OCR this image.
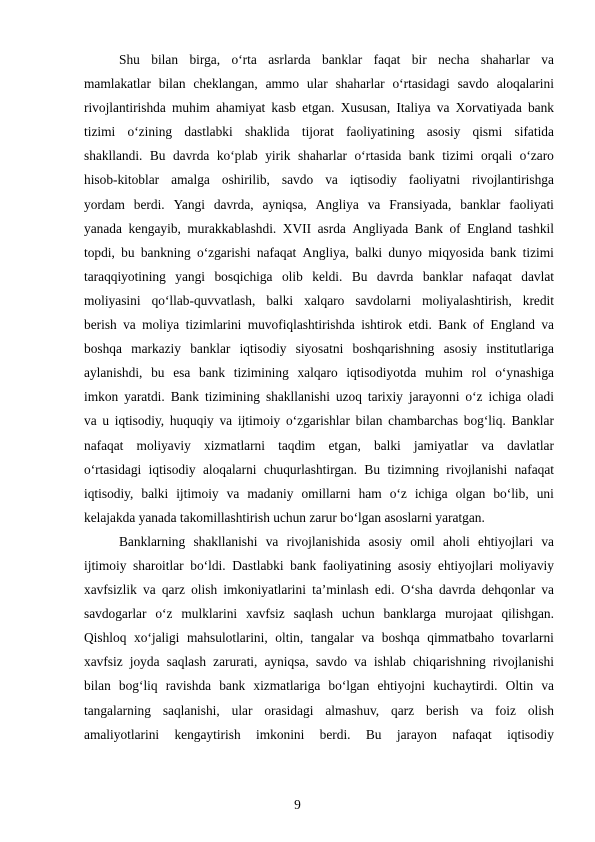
Shu bilan birga, o‘rta asrlarda banklar faqat bir necha shaharlar va
mamlakatlar bilan cheklangan, ammo ular shaharlar o‘rtasidagi savdo aloqalarini
rivojlantirishda muhim ahamiyat kasb etgan. Xususan, Italiya va Xorvatiyada bank
tizimi o‘zining dastlabki shaklida tijorat faoliyatining asosiy qismi sifatida
shakllandi. Bu davrda ko‘plab yirik shaharlar o‘rtasida bank tizimi orqali o‘zaro
hisob-kitoblar amalga oshirilib, savdo va iqtisodiy faoliyatni rivojlantirishga
yordam berdi. Yangi davrda, ayniqsa, Angliya va Fransiyada, banklar faoliyati
yanada kengayib, murakkablashdi. XVII asrda Angliyada Bank of England tashkil
topdi, bu bankning o‘zgarishi nafaqat Angliya, balki dunyo miqyosida bank tizimi
taraqqiyotining yangi bosqichiga olib keldi. Bu davrda banklar nafaqat davlat
moliyasini qo‘llab-quvvatlash, balki xalqaro savdolarni moliyalashtirish, kredit
berish va moliya tizimlarini muvofiqlashtirishda ishtirok etdi. Bank of England va
boshqa markaziy banklar iqtisodiy siyosatni boshqarishning asosiy institutlariga
aylanishdi, bu esa bank tizimining xalqaro iqtisodiyotda muhim rol o‘ynashiga
imkon yaratdi. Bank tizimining shakllanishi uzoq tarixiy jarayonni o‘z ichiga oladi
va u iqtisodiy, huquqiy va ijtimoiy o‘zgarishlar bilan chambarchas bog‘liq. Banklar
nafaqat moliyaviy xizmatlarni taqdim etgan, balki jamiyatlar va davlatlar
o‘rtasidagi iqtisodiy aloqalarni chuqurlashtirgan. Bu tizimning rivojlanishi nafaqat
iqtisodiy, balki ijtimoiy va madaniy omillarni ham o‘z ichiga olgan bo‘lib, uni
kelajakda yanada takomillashtirish uchun zarur bo‘lgan asoslarni yaratgan.
Banklarning shakllanishi va rivojlanishida asosiy omil aholi ehtiyojlari va
ijtimoiy sharoitlar bo‘ldi. Dastlabki bank faoliyatining asosiy ehtiyojlari moliyaviy
xavfsizlik va qarz olish imkoniyatlarini ta’minlash edi. O‘sha davrda dehqonlar va
savdogarlar o‘z mulklarini xavfsiz saqlash uchun banklarga murojaat qilishgan.
Qishloq xo‘jaligi mahsulotlarini, oltin, tangalar va boshqa qimmatbaho tovarlarni
xavfsiz joyda saqlash zarurati, ayniqsa, savdo va ishlab chiqarishning rivojlanishi
bilan bog‘liq ravishda bank xizmatlariga bo‘lgan ehtiyojni kuchaytirdi. Oltin va
tangalarning saqlanishi, ular orasidagi almashuv, qarz berish va foiz olish
amaliyotlarini kengaytirish imkonini berdi. Bu jarayon nafaqat iqtisodiy
9
